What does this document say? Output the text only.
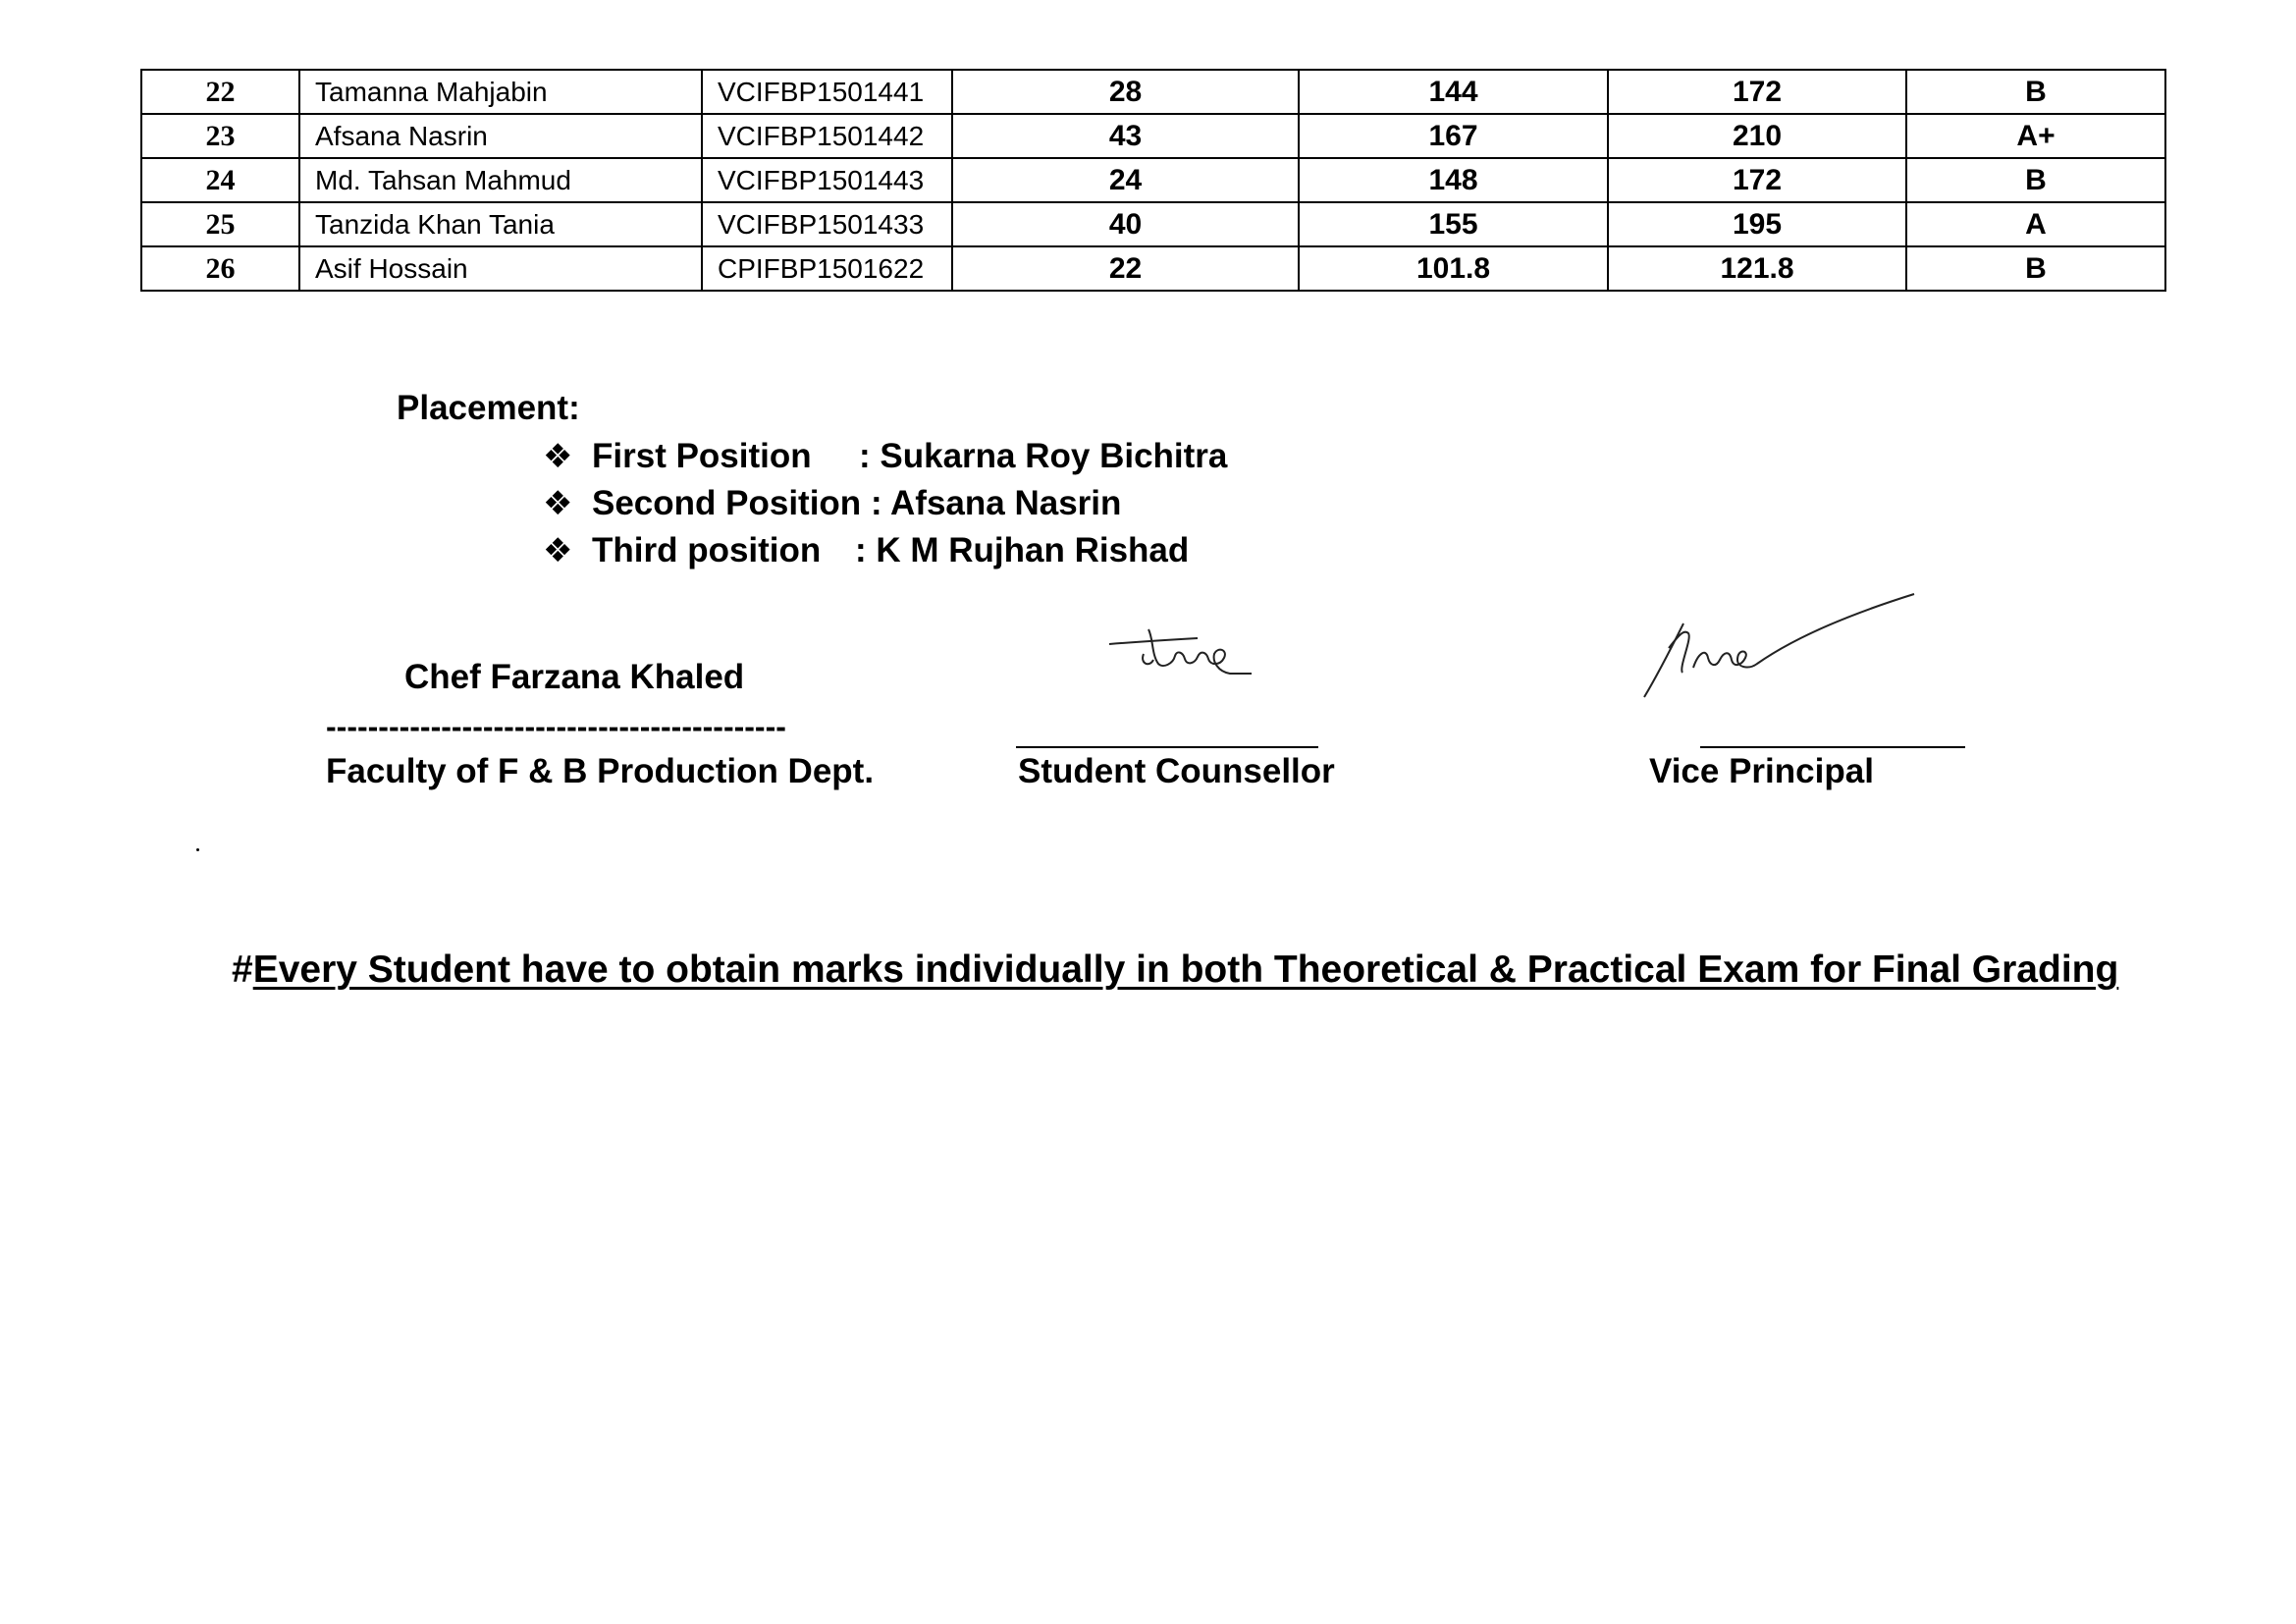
22	Tamanna Mahjabin	VCIFBP1501441	28	144	172	B
23	Afsana Nasrin	VCIFBP1501442	43	167	210	A+
24	Md. Tahsan Mahmud	VCIFBP1501443	24	148	172	B
25	Tanzida Khan Tania	VCIFBP1501433	40	155	195	A
26	Asif Hossain	CPIFBP1501622	22	101.8	121.8	B
Placement:
❖ First Position : Sukarna Roy Bichitra
❖ Second Position : Afsana Nasrin
❖ Third position : K M Rujhan Rishad
Chef Farzana Khaled
--------------------------------------------
Faculty of F & B Production Dept.	Student Counsellor	Vice Principal
#Every Student have to obtain marks individually in both Theoretical & Practical Exam for Final Grading
